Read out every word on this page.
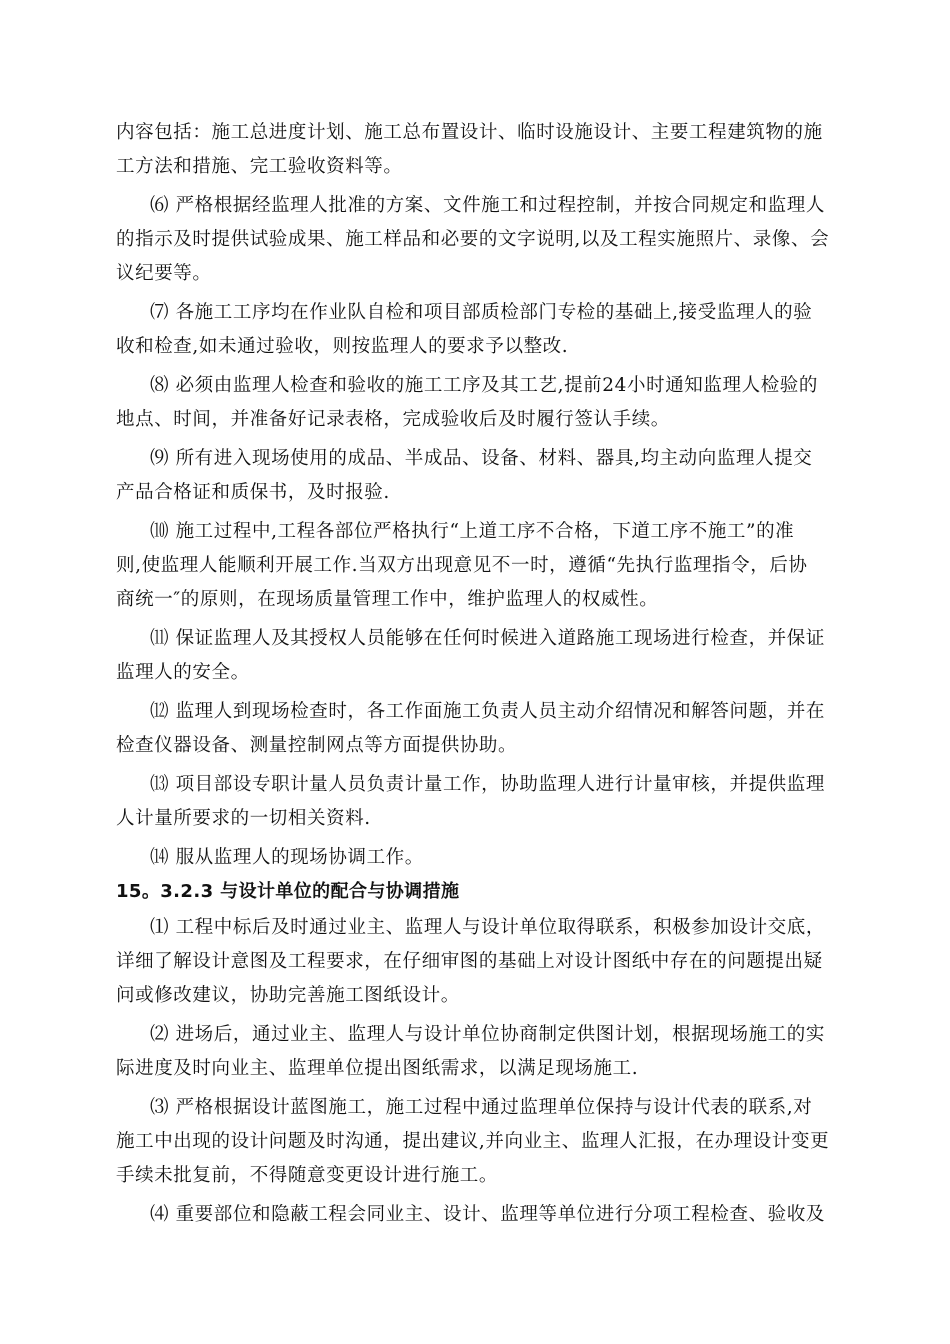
内容包括：施工总进度计划、施工总布置设计、临时设施设计、主要工程建筑物的施
工方法和措施、完工验收资料等。
⑹ 严格根据经监理人批准的方案、文件施工和过程控制，并按合同规定和监理人
的指示及时提供试验成果、施工样品和必要的文字说明,以及工程实施照片、录像、会
议纪要等。
⑺ 各施工工序均在作业队自检和项目部质检部门专检的基础上,接受监理人的验
收和检查,如未通过验收，则按监理人的要求予以整改.
⑻ 必须由监理人检查和验收的施工工序及其工艺,提前24小时通知监理人检验的
地点、时间，并准备好记录表格，完成验收后及时履行签认手续。
⑼ 所有进入现场使用的成品、半成品、设备、材料、器具,均主动向监理人提交
产品合格证和质保书，及时报验.
⑽ 施工过程中,工程各部位严格执行“上道工序不合格，下道工序不施工”的准
则,使监理人能顺利开展工作.当双方出现意见不一时，遵循“先执行监理指令，后协
商统一″的原则，在现场质量管理工作中，维护监理人的权威性。
⑾ 保证监理人及其授权人员能够在任何时候进入道路施工现场进行检查，并保证
监理人的安全。
⑿ 监理人到现场检查时，各工作面施工负责人员主动介绍情况和解答问题，并在
检查仪器设备、测量控制网点等方面提供协助。
⒀ 项目部设专职计量人员负责计量工作，协助监理人进行计量审核，并提供监理
人计量所要求的一切相关资料.
⒁ 服从监理人的现场协调工作。
15。3.2.3 与设计单位的配合与协调措施
⑴ 工程中标后及时通过业主、监理人与设计单位取得联系，积极参加设计交底，
详细了解设计意图及工程要求，在仔细审图的基础上对设计图纸中存在的问题提出疑
问或修改建议，协助完善施工图纸设计。
⑵ 进场后，通过业主、监理人与设计单位协商制定供图计划，根据现场施工的实
际进度及时向业主、监理单位提出图纸需求，以满足现场施工.
⑶ 严格根据设计蓝图施工，施工过程中通过监理单位保持与设计代表的联系,对
施工中出现的设计问题及时沟通，提出建议,并向业主、监理人汇报，在办理设计变更
手续未批复前，不得随意变更设计进行施工。
⑷ 重要部位和隐蔽工程会同业主、设计、监理等单位进行分项工程检查、验收及
